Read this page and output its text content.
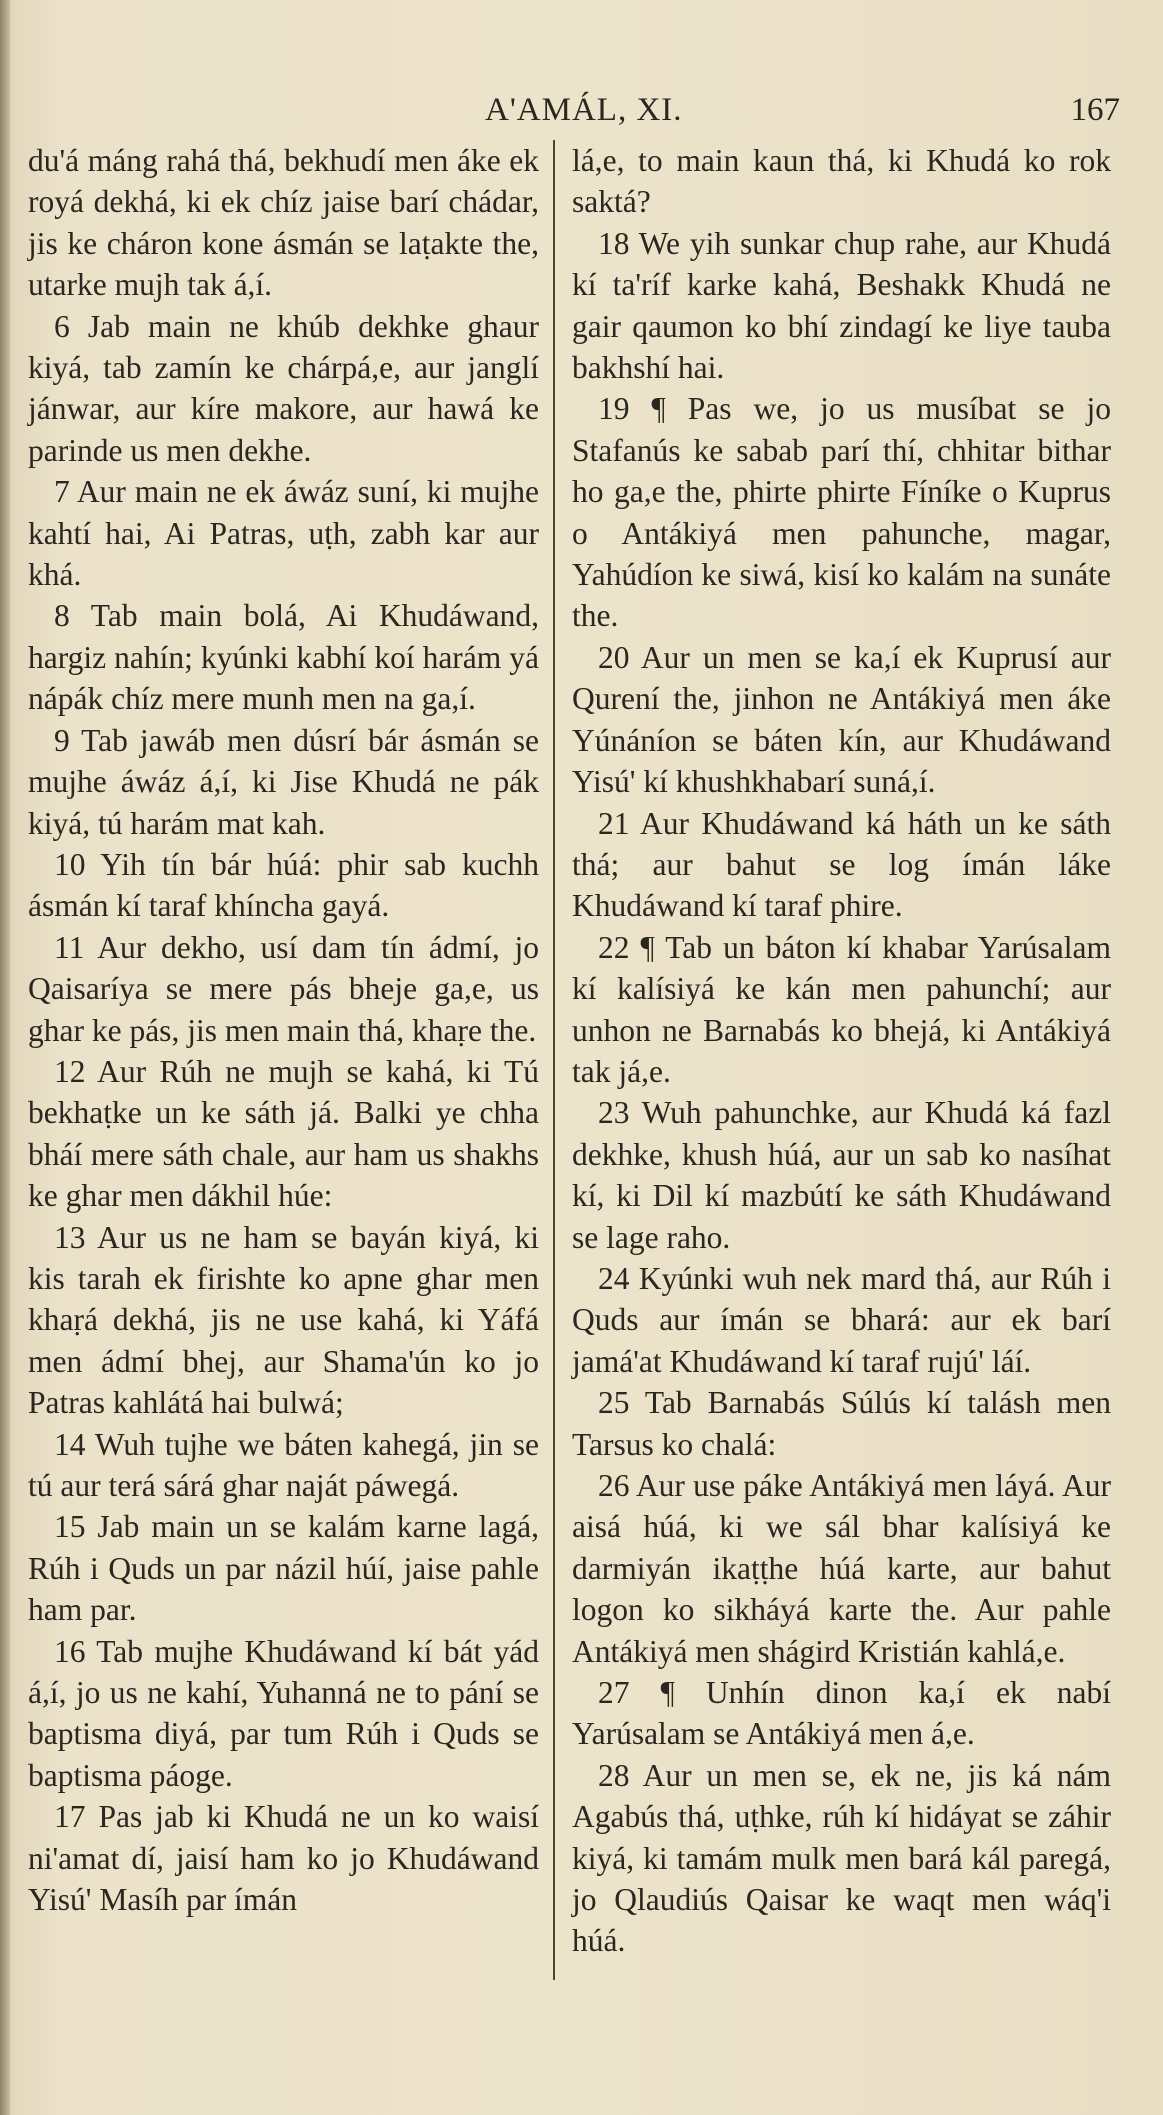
A'AMÁL, XI.	167

du'á máng rahá thá, bekhudí men áke ek royá dekhá, ki ek chíz jaise barí chádar, jis ke cháron kone ásmán se laṭakte the, utarke mujh tak á,í.

6 Jab main ne khúb dekhke ghaur kiyá, tab zamín ke chárpá,e, aur janglí jánwar, aur kíre makore, aur hawá ke parinde us men dekhe.

7 Aur main ne ek áwáz suní, ki mujhe kahtí hai, Ai Patras, uṭh, zabh kar aur khá.

8 Tab main bolá, Ai Khudáwand, hargiz nahín; kyúnki kabhí koí harám yá nápák chíz mere munh men na ga,í.

9 Tab jawáb men dúsrí bár ásmán se mujhe áwáz á,í, ki Jise Khudá ne pák kiyá, tú harám mat kah.

10 Yih tín bár húá: phir sab kuchh ásmán kí taraf khíncha gayá.

11 Aur dekho, usí dam tín ádmí, jo Qaisaríya se mere pás bheje ga,e, us ghar ke pás, jis men main thá, khaṛe the.

12 Aur Rúh ne mujh se kahá, ki Tú bekhaṭke un ke sáth já. Balki ye chha bháí mere sáth chale, aur ham us shakhs ke ghar men dákhil húe:

13 Aur us ne ham se bayán kiyá, ki kis tarah ek firishte ko apne ghar men khaṛá dekhá, jis ne use kahá, ki Yáfá men ádmí bhej, aur Shama'ún ko jo Patras kahlátá hai bulwá;

14 Wuh tujhe we báten kahegá, jin se tú aur terá sárá ghar naját páwegá.

15 Jab main un se kalám karne lagá, Rúh i Quds un par názil húí, jaise pahle ham par.

16 Tab mujhe Khudáwand kí bát yád á,í, jo us ne kahí, Yuhanná ne to pání se baptisma diyá, par tum Rúh i Quds se baptisma páoge.

17 Pas jab ki Khudá ne un ko waisí ni'amat dí, jaisí ham ko jo Khudáwand Yisú' Masíh par ímán

lá,e, to main kaun thá, ki Khudá ko rok saktá?

18 We yih sunkar chup rahe, aur Khudá kí ta'ríf karke kahá, Beshakk Khudá ne gair qaumon ko bhí zindagí ke liye tauba bakhshí hai.

19 ¶ Pas we, jo us musíbat se jo Stafanús ke sabab parí thí, chhitar bithar ho ga,e the, phirte phirte Fíníke o Kuprus o Antákiyá men pahunche, magar, Yahúdíon ke siwá, kisí ko kalám na sunáte the.

20 Aur un men se ka,í ek Kuprusí aur Qurení the, jinhon ne Antákiyá men áke Yúnáníon se báten kín, aur Khudáwand Yisú' kí khushkhabarí suná,í.

21 Aur Khudáwand ká háth un ke sáth thá; aur bahut se log ímán láke Khudáwand kí taraf phire.

22 ¶ Tab un báton kí khabar Yarúsalam kí kalísiyá ke kán men pahunchí; aur unhon ne Barnabás ko bhejá, ki Antákiyá tak já,e.

23 Wuh pahunchke, aur Khudá ká fazl dekhke, khush húá, aur un sab ko nasíhat kí, ki Dil kí mazbútí ke sáth Khudáwand se lage raho.

24 Kyúnki wuh nek mard thá, aur Rúh i Quds aur ímán se bhará: aur ek barí jamá'at Khudáwand kí taraf rujú' láí.

25 Tab Barnabás Súlús kí talásh men Tarsus ko chalá:

26 Aur use páke Antákiyá men láyá. Aur aisá húá, ki we sál bhar kalísiyá ke darmiyán ikaṭṭhe húá karte, aur bahut logon ko sikháyá karte the. Aur pahle Antákiyá men shágird Kristián kahlá,e.

27 ¶ Unhín dinon ka,í ek nabí Yarúsalam se Antákiyá men á,e.

28 Aur un men se, ek ne, jis ká nám Agabús thá, uṭhke, rúh kí hidáyat se záhir kiyá, ki tamám mulk men bará kál paregá, jo Qlaudiús Qaisar ke waqt men wáq'i húá.
